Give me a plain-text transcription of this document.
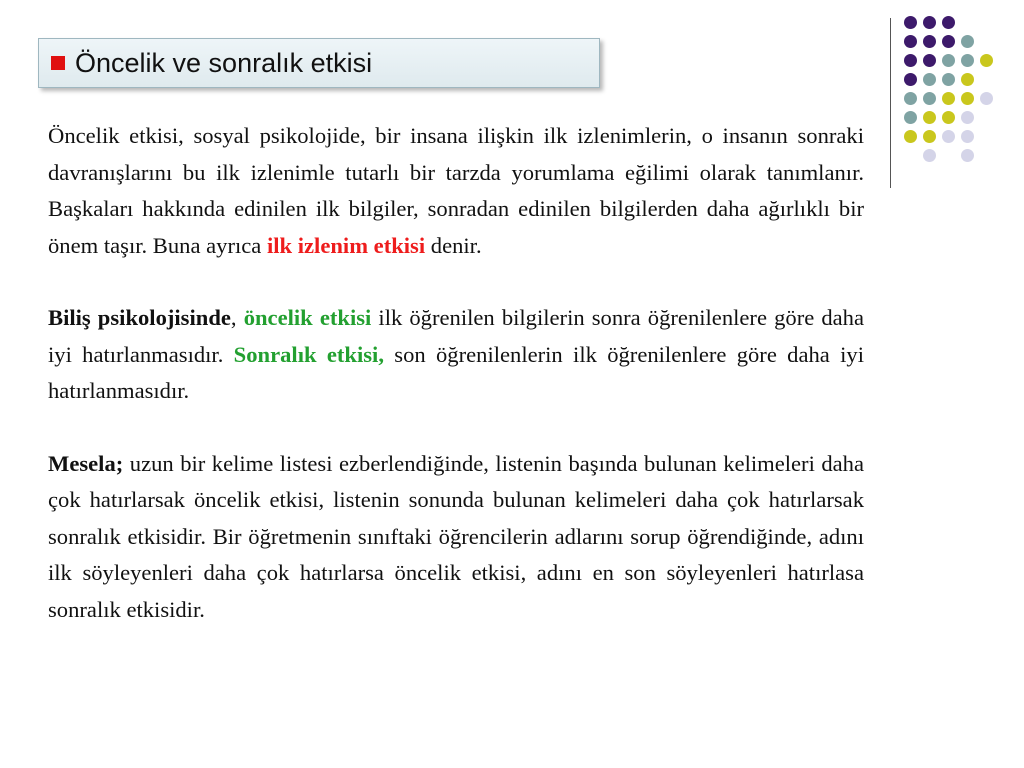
Öncelik ve sonralık etkisi

Öncelik etkisi, sosyal psikolojide, bir insana ilişkin ilk izlenimlerin, o insanın sonraki davranışlarını bu ilk izlenimle tutarlı bir tarzda yorumlama eğilimi olarak tanımlanır. Başkaları hakkında edinilen ilk bilgiler, sonradan edinilen bilgilerden daha ağırlıklı bir önem taşır. Buna ayrıca ilk izlenim etkisi denir.

Biliş psikolojisinde, öncelik etkisi ilk öğrenilen bilgilerin sonra öğrenilenlere göre daha iyi hatırlanmasıdır. Sonralık etkisi, son öğrenilenlerin ilk öğrenilenlere göre daha iyi hatırlanmasıdır.

Mesela; uzun bir kelime listesi ezberlendiğinde, listenin başında bulunan kelimeleri daha çok hatırlarsak öncelik etkisi, listenin sonunda bulunan kelimeleri daha çok hatırlarsak sonralık etkisidir. Bir öğretmenin sınıftaki öğrencilerin adlarını sorup öğrendiğinde, adını ilk söyleyenleri daha çok hatırlarsa öncelik etkisi, adını en son söyleyenleri hatırlasa sonralık etkisidir.
